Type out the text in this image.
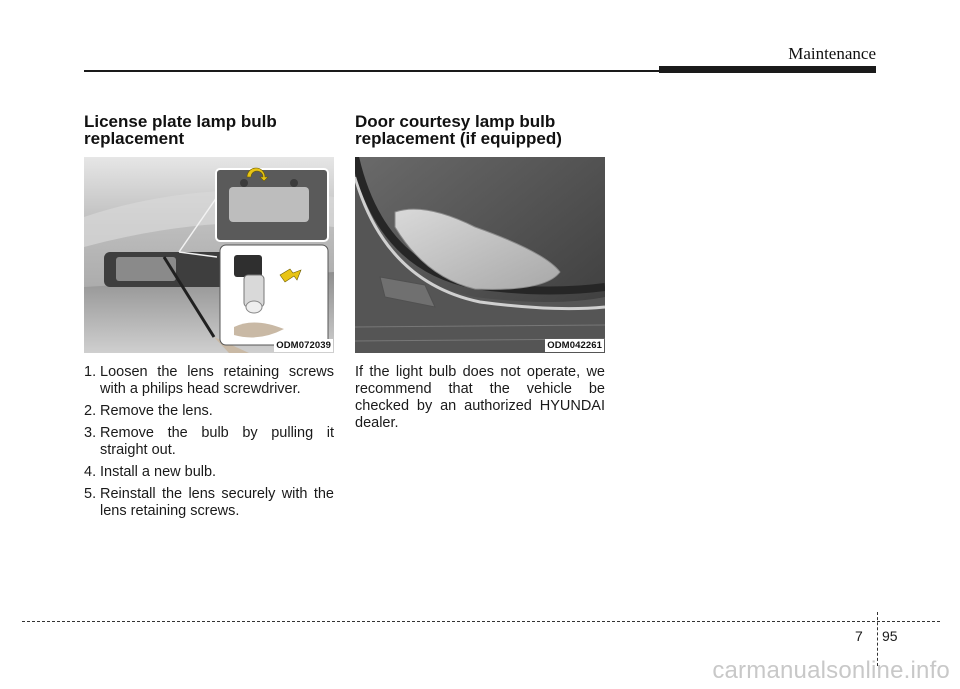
Maintenance
License plate lamp bulb
replacement
ODM072039
1. Loosen the lens retaining screws with a philips head screwdriver.
2. Remove the lens.
3. Remove the bulb by pulling it straight out.
4. Install a new bulb.
5. Reinstall the lens securely with the lens retaining screws.
Door courtesy lamp bulb
replacement (if equipped)
ODM042261

If the light bulb does not operate, we recommend that the vehicle be checked by an authorized HYUNDAI dealer.

7 95
carmanualsonline.info
